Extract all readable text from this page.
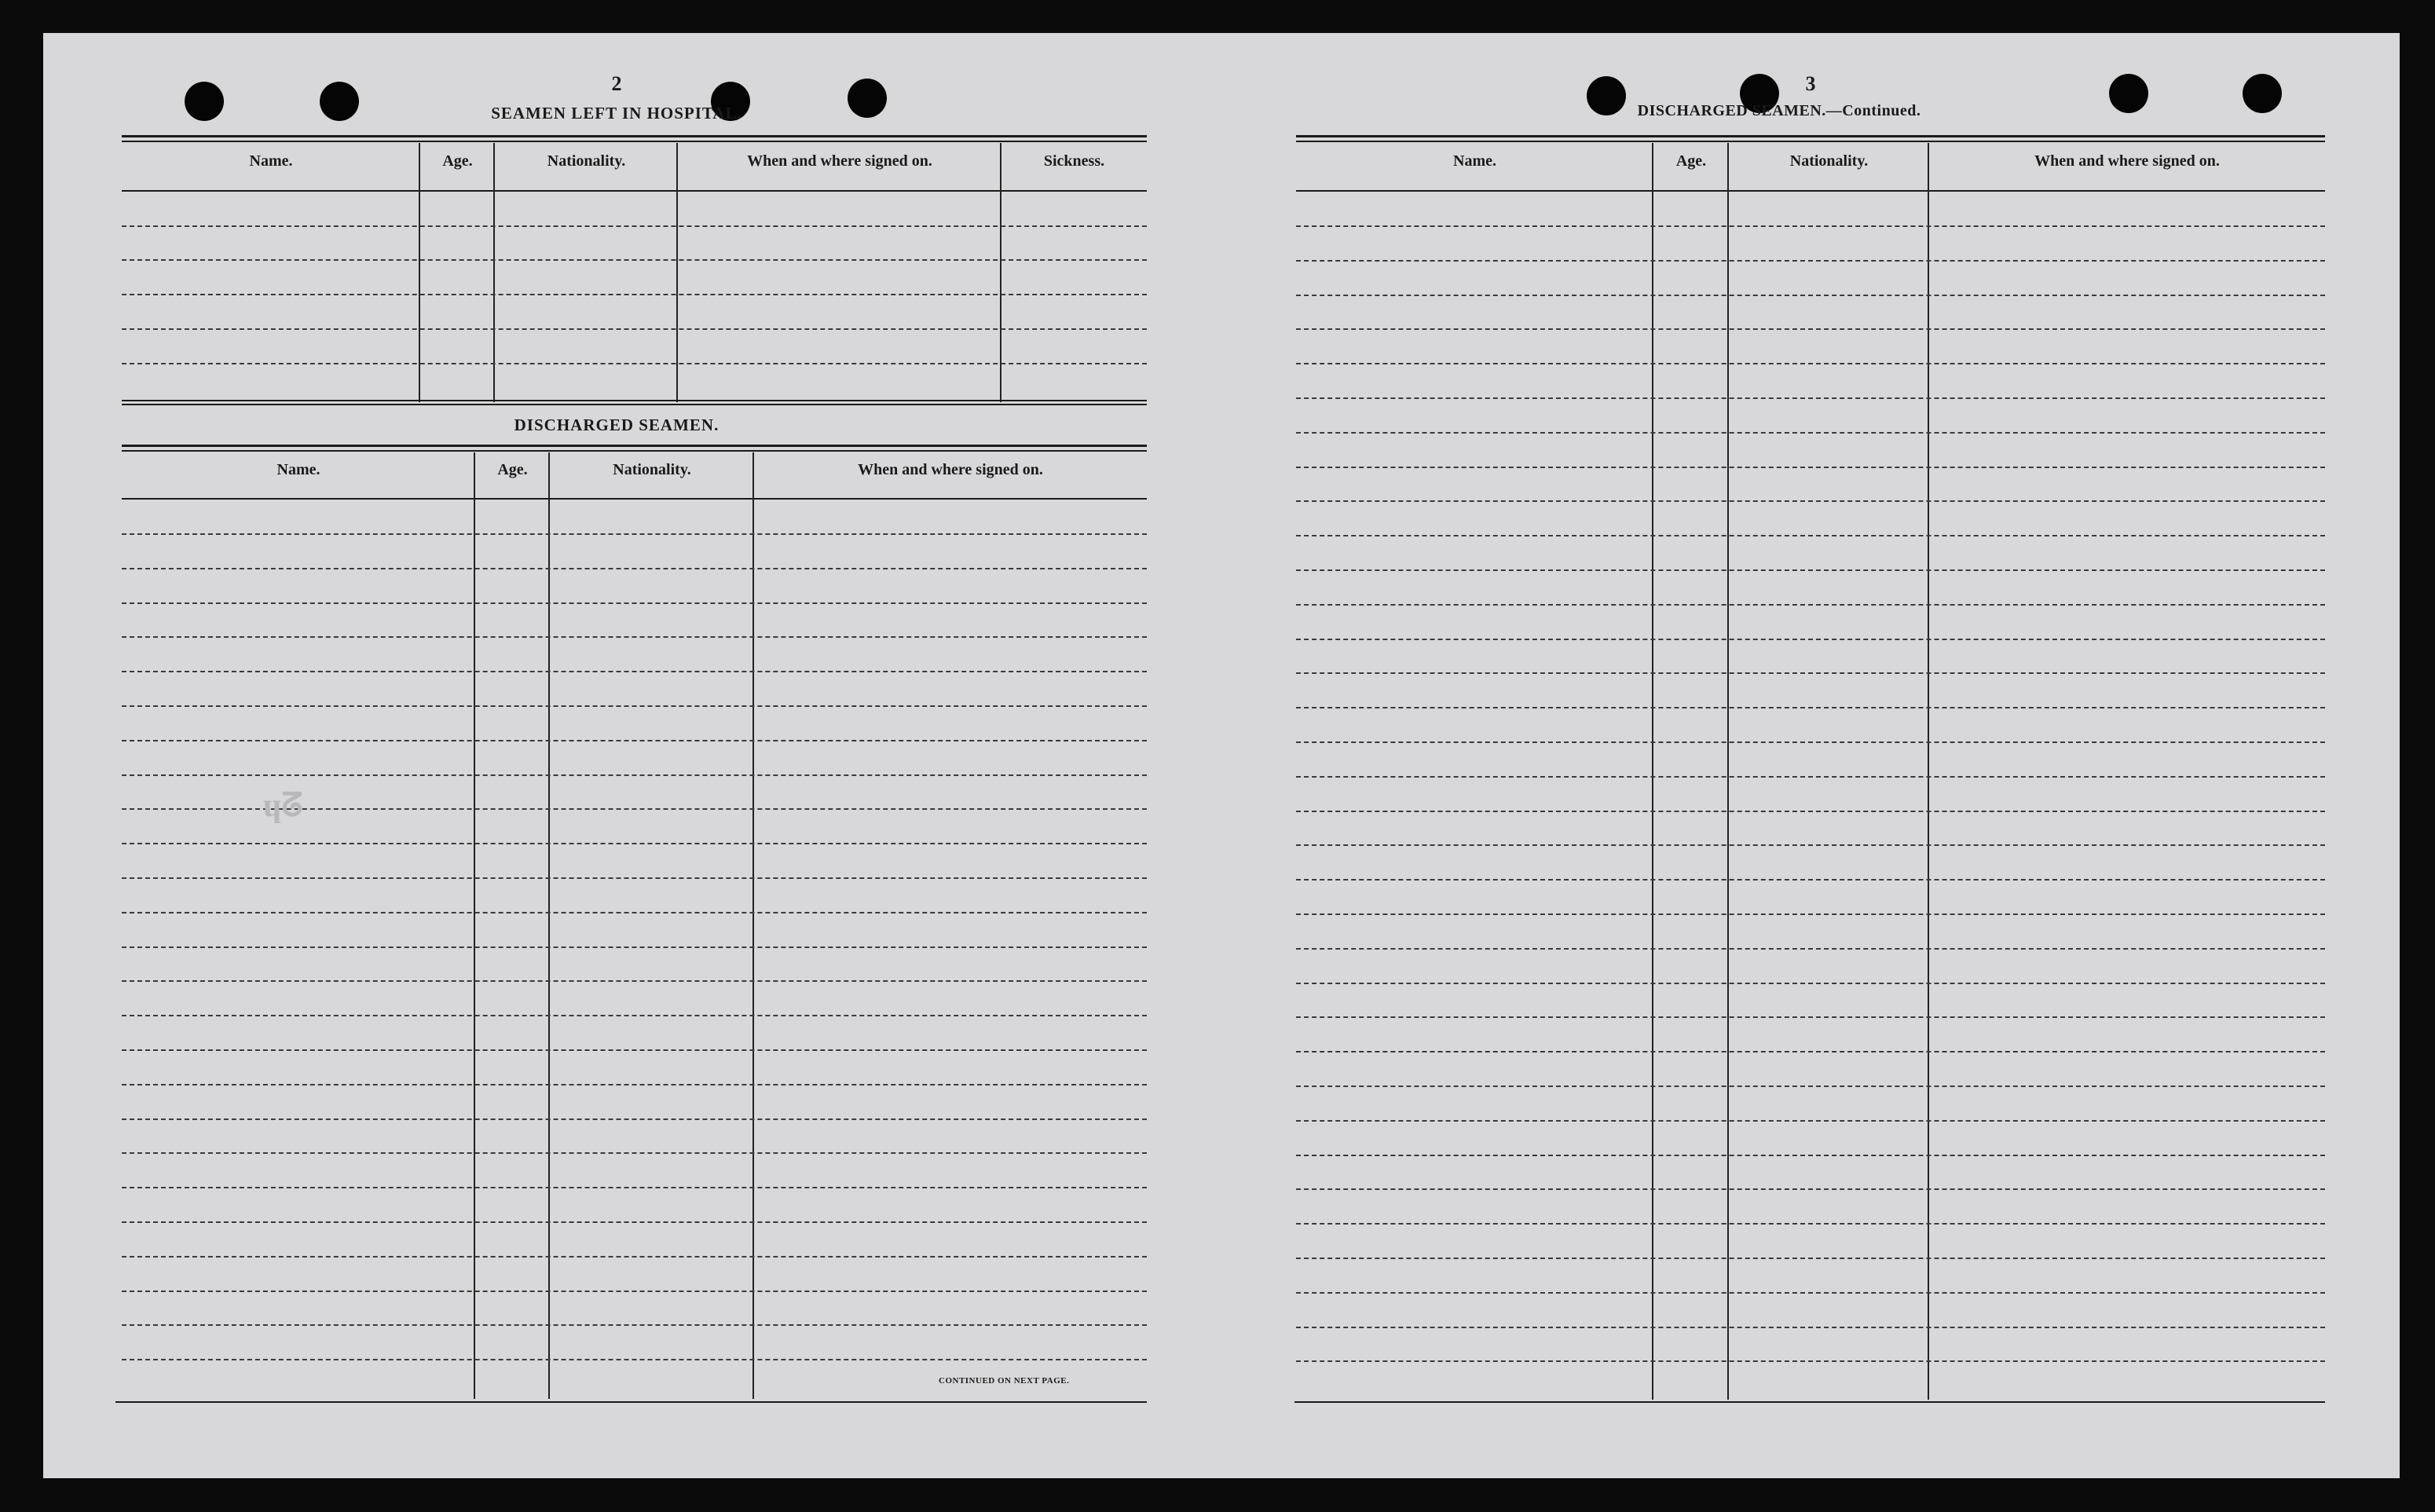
2
SEAMEN LEFT IN HOSPITAL.
Name.	Age.	Nationality.	When and where signed on.	Sickness.
DISCHARGED SEAMEN.
Name.	Age.	Nationality.	When and where signed on.
CONTINUED ON NEXT PAGE.
ɥᘔ
3
DISCHARGED SEAMEN.—Continued.
Name.	Age.	Nationality.	When and where signed on.
